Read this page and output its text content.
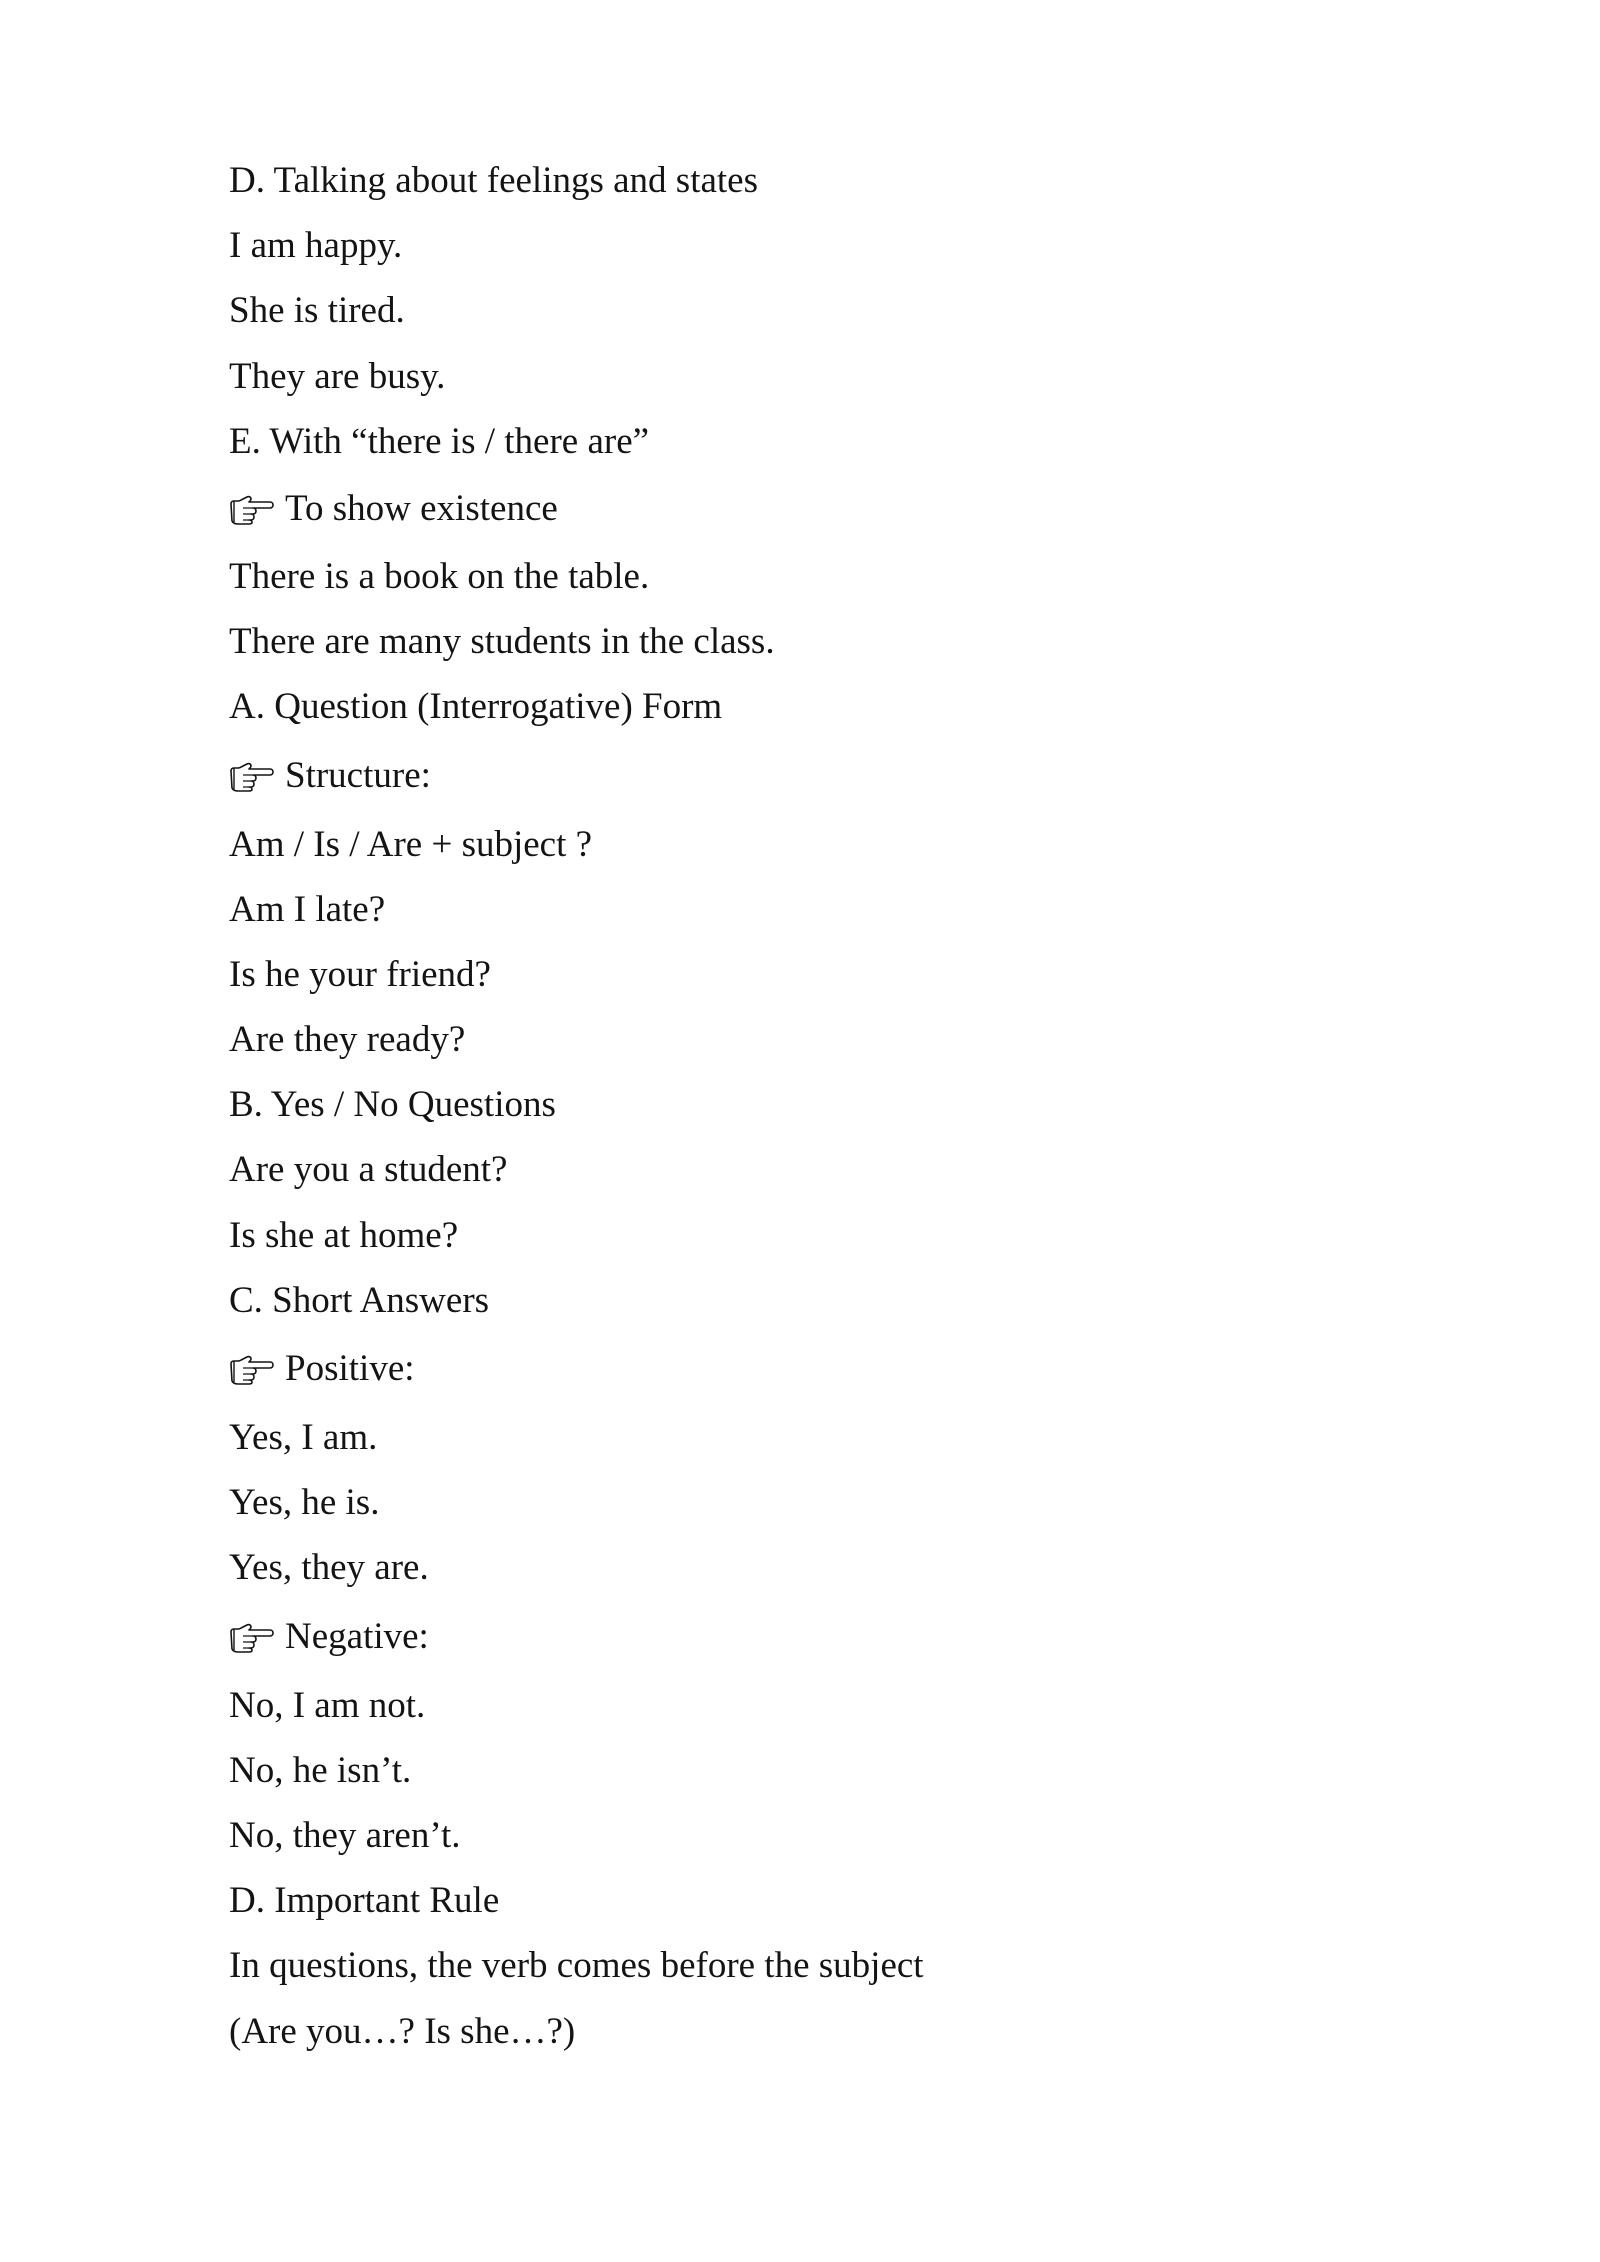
D. Talking about feelings and states
I am happy.
She is tired.
They are busy.
E. With “there is / there are”
To show existence
There is a book on the table.
There are many students in the class.
A. Question (Interrogative) Form
Structure:
Am / Is / Are + subject ?
Am I late?
Is he your friend?
Are they ready?
B. Yes / No Questions
Are you a student?
Is she at home?
C. Short Answers
Positive:
Yes, I am.
Yes, he is.
Yes, they are.
Negative:
No, I am not.
No, he isn’t.
No, they aren’t.
D. Important Rule
In questions, the verb comes before the subject
(Are you…? Is she…?)
